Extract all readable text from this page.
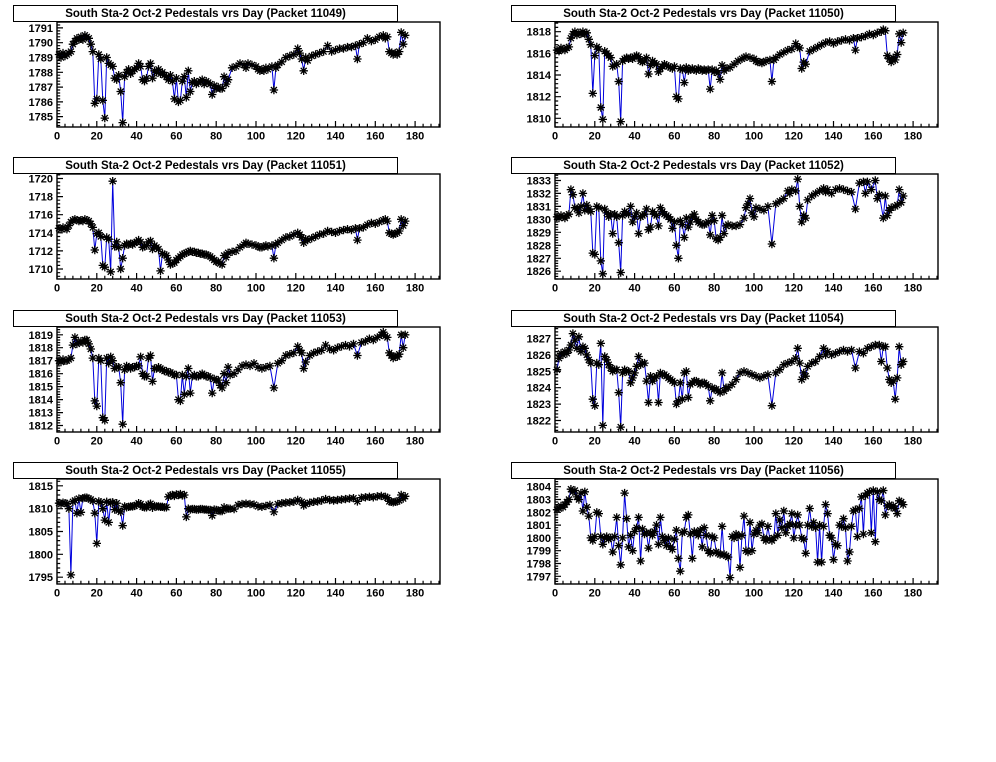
0	20	40	60	80 100 120 140 160 180
1785
1786
1787
1788
1789
1790
1791
South Sta-2 Oct-2 Pedestals vrs Day (Packet 11049)
0	20	40	60	80 100 120 140 160 180
1810
1812
1814
1816
1818
South Sta-2 Oct-2 Pedestals vrs Day (Packet 11050)
0	20	40	60	80 100 120 140 160 180
1710
1712
1714
1716
1718
1720
South Sta-2 Oct-2 Pedestals vrs Day (Packet 11051)
0	20	40	60	80 100 120 140 160 180
1826
1827
1828
1829
1830
1831
1832
1833
South Sta-2 Oct-2 Pedestals vrs Day (Packet 11052)
0	20	40	60	80 100 120 140 160 180
1812
1813
1814
1815
1816
1817
1818
1819
South Sta-2 Oct-2 Pedestals vrs Day (Packet 11053)
0	20	40	60	80 100 120 140 160 180
1822
1823
1824
1825
1826
1827
South Sta-2 Oct-2 Pedestals vrs Day (Packet 11054)
0	20	40	60	80 100 120 140 160 180
1795
1800
1805
1810
1815
South Sta-2 Oct-2 Pedestals vrs Day (Packet 11055)
0	20	40	60	80 100 120 140 160 180
1797
1798
1799
1800
1801
1802
1803
1804
South Sta-2 Oct-2 Pedestals vrs Day (Packet 11056)
